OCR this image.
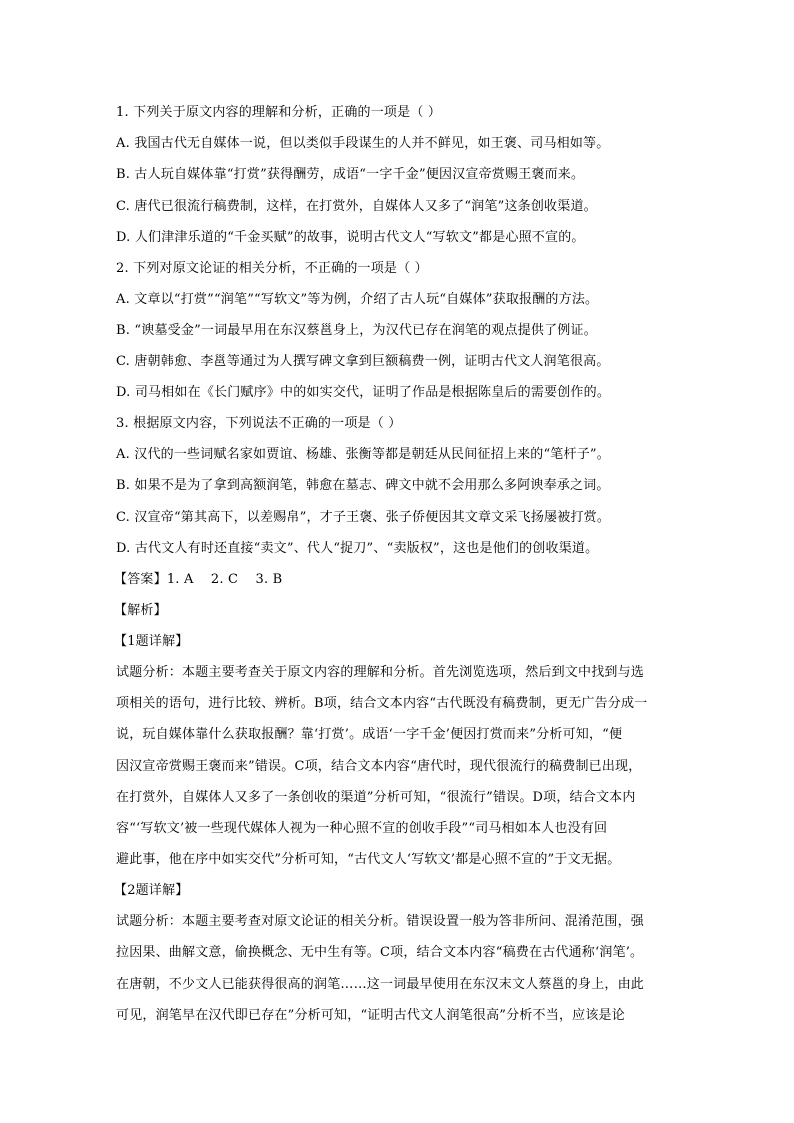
1. 下列关于原文内容的理解和分析，正确的一项是（ ）
A. 我国古代无自媒体一说，但以类似手段谋生的人并不鲜见，如王褒、司马相如等。
B. 古人玩自媒体靠“打赏”获得酬劳，成语“一字千金”便因汉宣帝赏赐王褒而来。
C. 唐代已很流行稿费制，这样，在打赏外，自媒体人又多了“润笔”这条创收渠道。
D. 人们津津乐道的“千金买赋”的故事，说明古代文人“写软文”都是心照不宣的。
2. 下列对原文论证的相关分析，不正确的一项是（ ）
A. 文章以“打赏”“润笔”“写软文”等为例，介绍了古人玩“自媒体”获取报酬的方法。
B. “谀墓受金”一词最早用在东汉蔡邕身上，为汉代已存在润笔的观点提供了例证。
C. 唐朝韩愈、李邕等通过为人撰写碑文拿到巨额稿费一例，证明古代文人润笔很高。
D. 司马相如在《长门赋序》中的如实交代，证明了作品是根据陈皇后的需要创作的。
3. 根据原文内容，下列说法不正确的一项是（ ）
A. 汉代的一些词赋名家如贾谊、杨雄、张衡等都是朝廷从民间征招上来的“笔杆子”。
B. 如果不是为了拿到高额润笔，韩愈在墓志、碑文中就不会用那么多阿谀奉承之词。
C. 汉宣帝“第其高下，以差赐帛”，才子王褒、张子侨便因其文章文采飞扬屡被打赏。
D. 古代文人有时还直接“卖文”、代人“捉刀”、“卖版权”，这也是他们的创收渠道。
【答案】1. A    2. C    3. B
【解析】
【1题详解】
试题分析：本题主要考查关于原文内容的理解和分析。首先浏览选项，然后到文中找到与选
项相关的语句，进行比较、辨析。B项，结合文本内容“古代既没有稿费制，更无广告分成一
说，玩自媒体靠什么获取报酬？靠‘打赏’。成语‘一字千金’便因打赏而来”分析可知，“便
因汉宣帝赏赐王褒而来”错误。C项，结合文本内容“唐代时，现代很流行的稿费制已出现，
在打赏外，自媒体人又多了一条创收的渠道”分析可知，“很流行”错误。D项，结合文本内
容“‘写软文’被一些现代媒体人视为一种心照不宣的创收手段”“司马相如本人也没有回
避此事，他在序中如实交代”分析可知，“古代文人‘写软文’都是心照不宣的”于文无据。
【2题详解】
试题分析：本题主要考查对原文论证的相关分析。错误设置一般为答非所问、混淆范围，强
拉因果、曲解文意，偷换概念、无中生有等。C项，结合文本内容“稿费在古代通称‘润笔’。
在唐朝，不少文人已能获得很高的润笔……这一词最早使用在东汉末文人蔡邕的身上，由此
可见，润笔早在汉代即已存在”分析可知，“证明古代文人润笔很高”分析不当，应该是论
